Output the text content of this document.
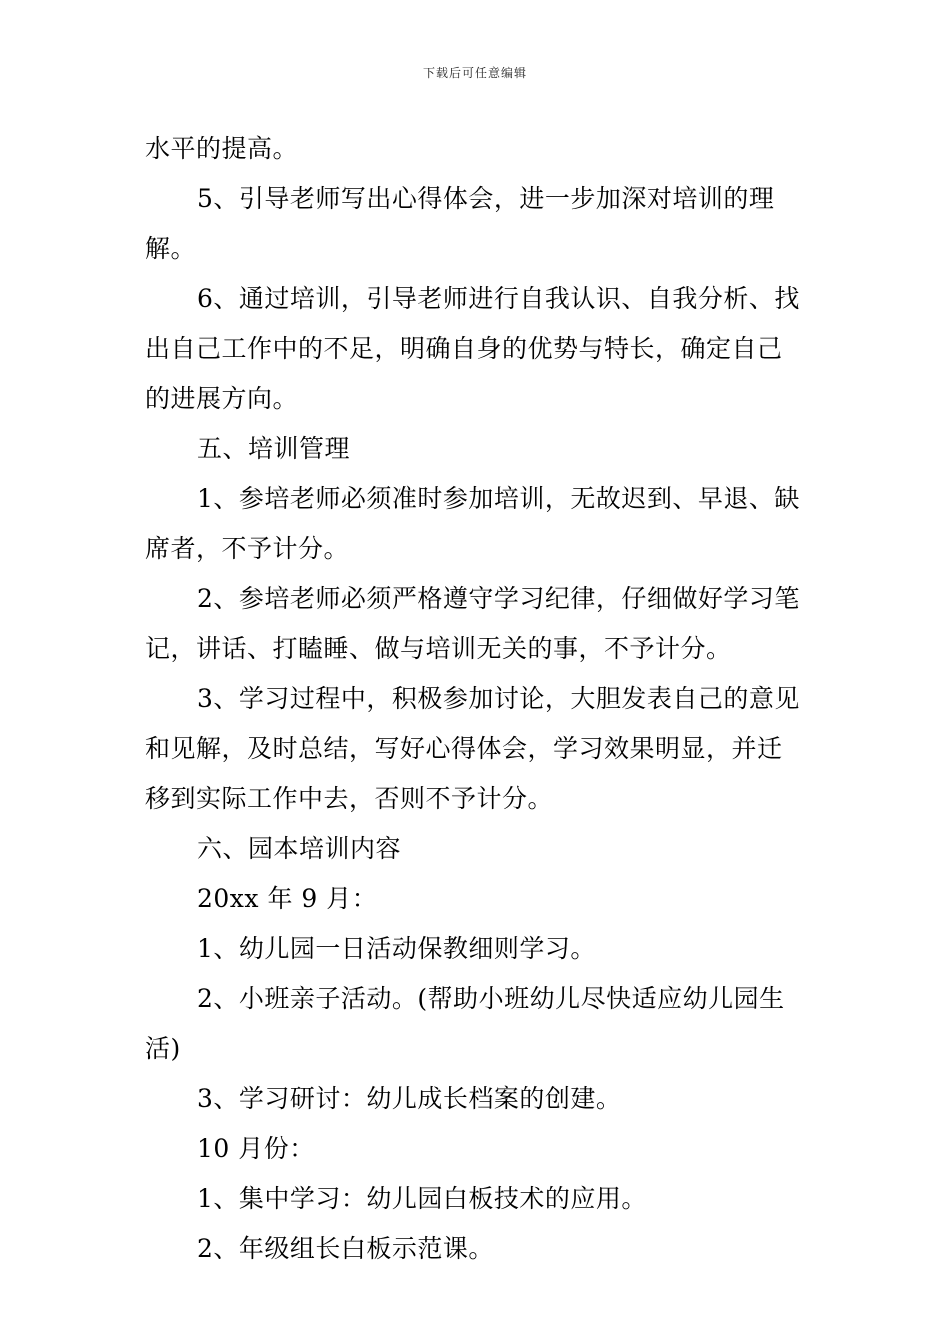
下载后可任意编辑

水平的提高。

5、引导老师写出心得体会，进一步加深对培训的理解。

6、通过培训，引导老师进行自我认识、自我分析、找出自己工作中的不足，明确自身的优势与特长，确定自己的进展方向。

五、培训管理

1、参培老师必须准时参加培训，无故迟到、早退、缺席者，不予计分。

2、参培老师必须严格遵守学习纪律，仔细做好学习笔记，讲话、打瞌睡、做与培训无关的事，不予计分。

3、学习过程中，积极参加讨论，大胆发表自己的意见和见解，及时总结，写好心得体会，学习效果明显，并迁移到实际工作中去，否则不予计分。

六、园本培训内容

20xx 年 9 月：

1、幼儿园一日活动保教细则学习。

2、小班亲子活动。(帮助小班幼儿尽快适应幼儿园生活)

3、学习研讨：幼儿成长档案的创建。

10 月份：

1、集中学习：幼儿园白板技术的应用。

2、年级组长白板示范课。
